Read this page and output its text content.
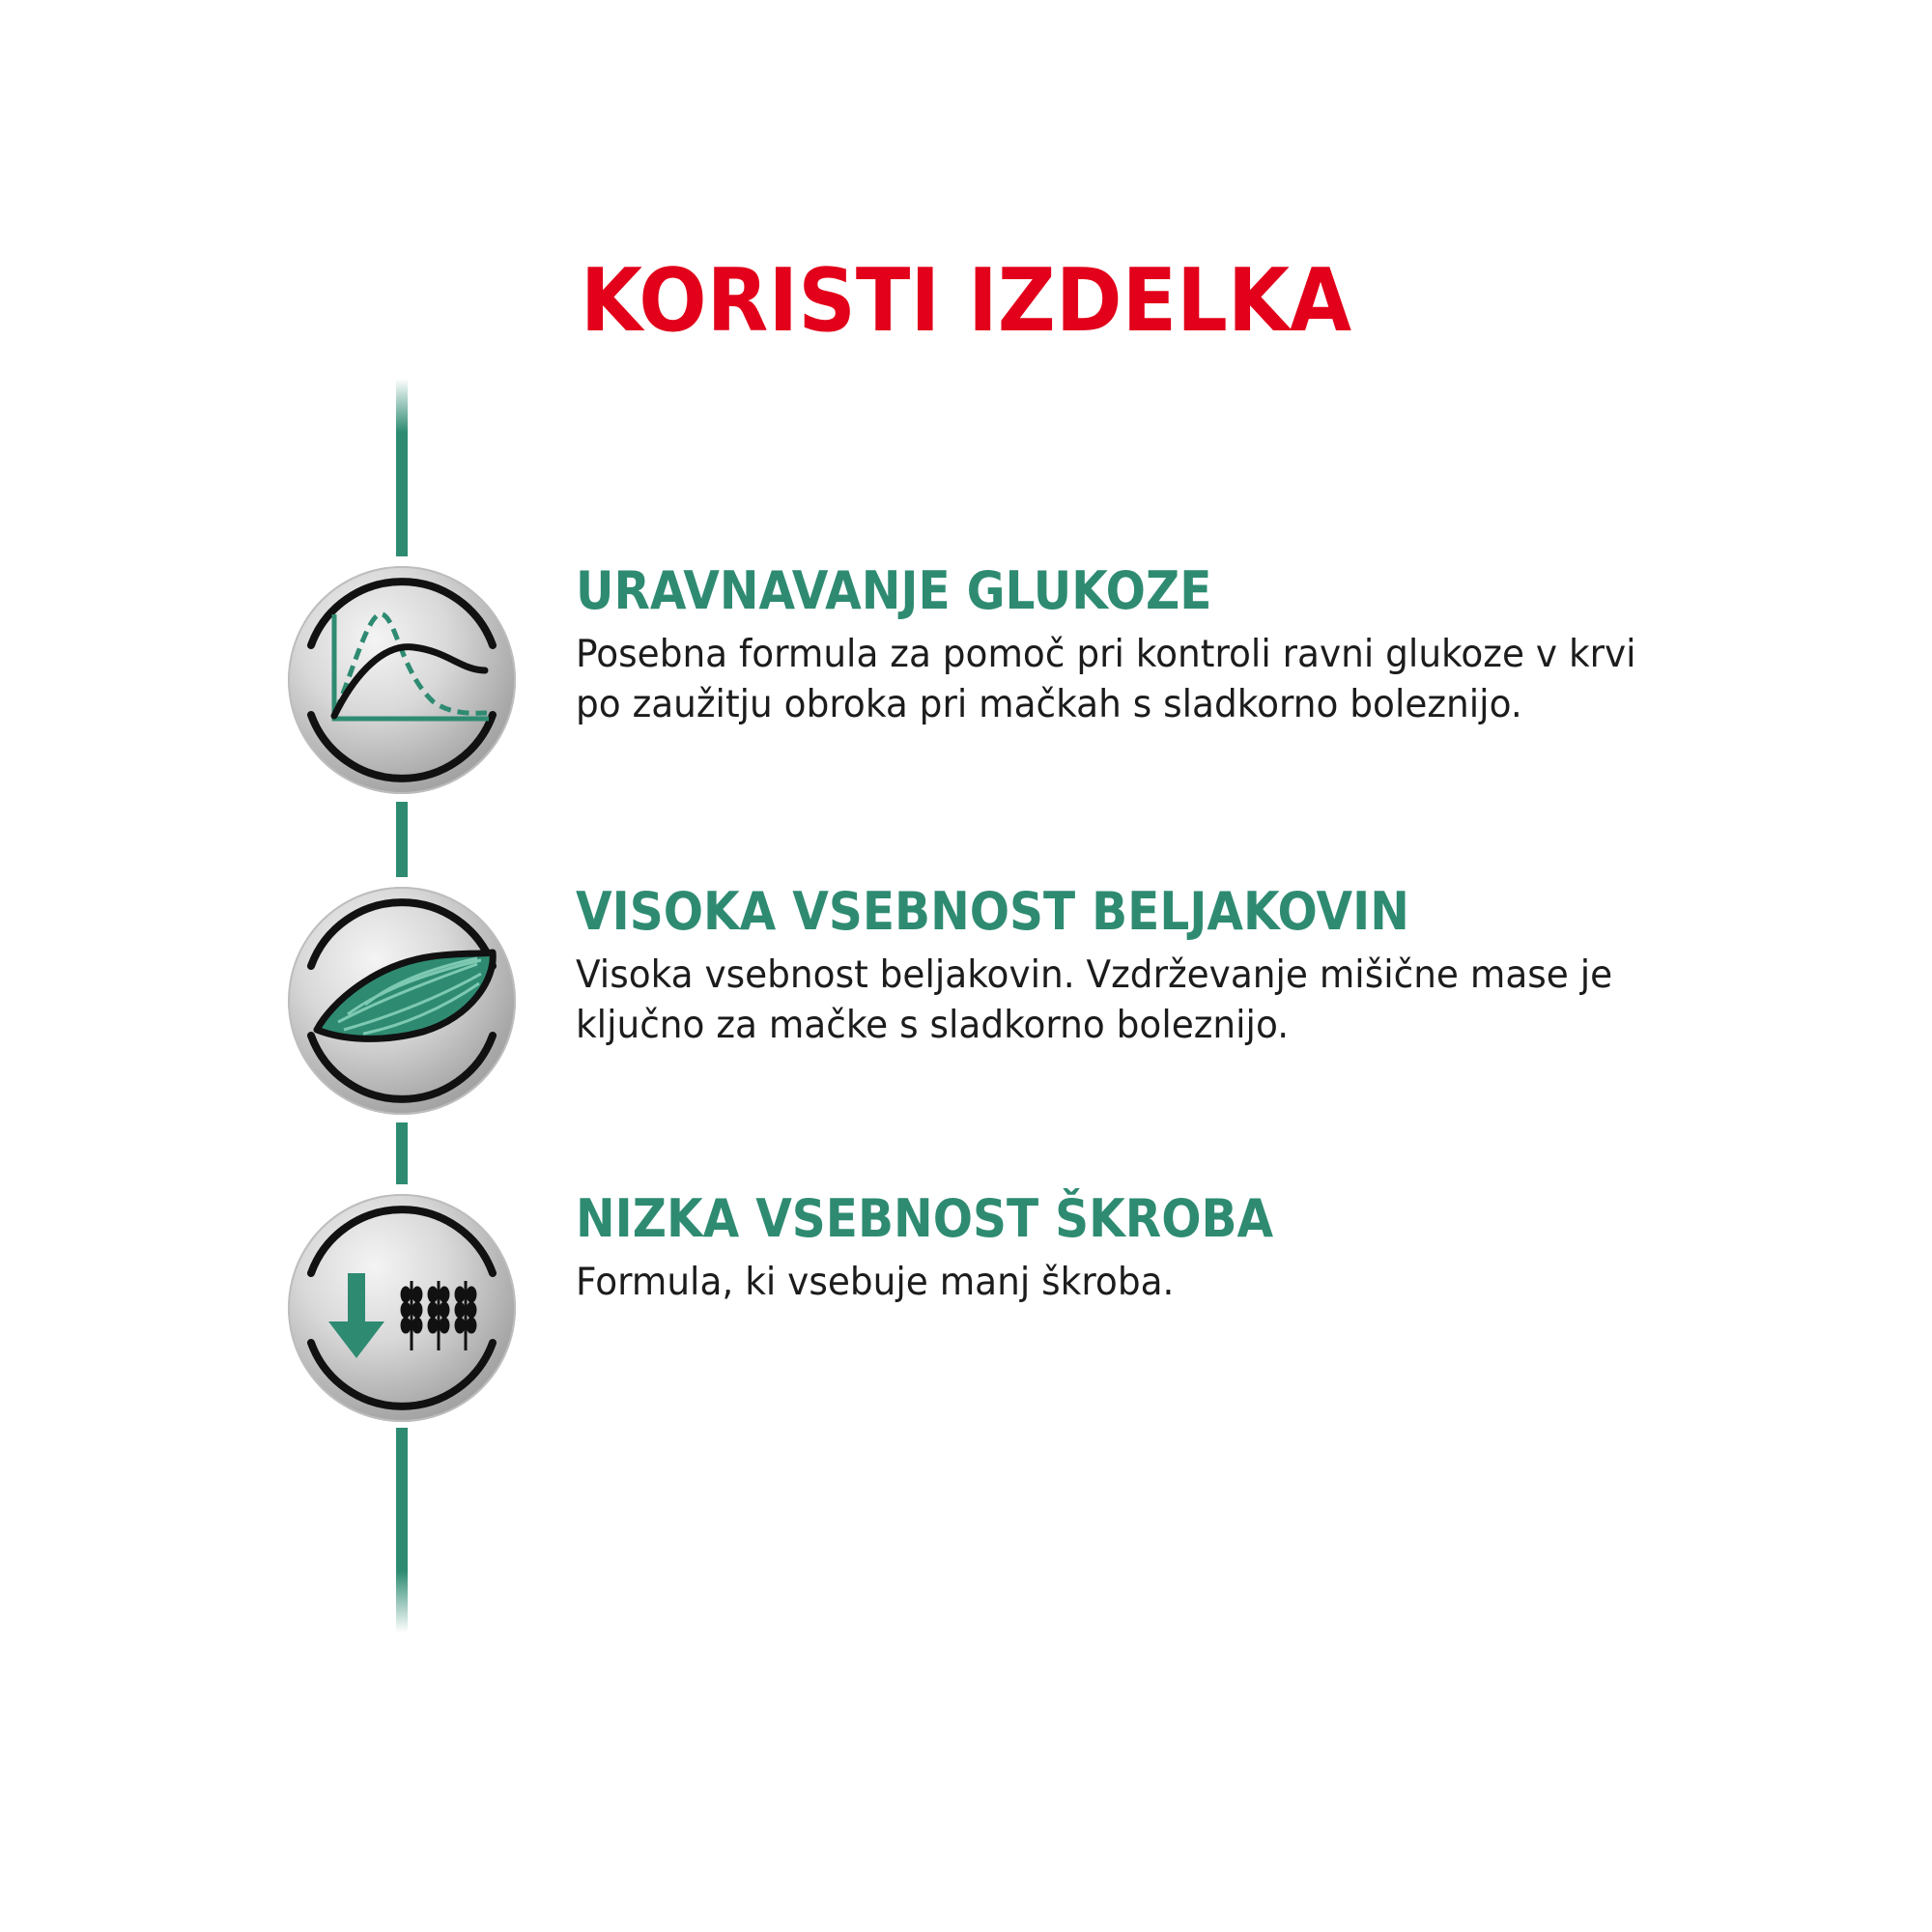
KORISTI IZDELKA
URAVNAVANJE GLUKOZE

Posebna formula za pomoč pri kontroli ravni glukoze v krvi po zaužitju obroka pri mačkah s sladkorno boleznijo.

VISOKA VSEBNOST BELJAKOVIN

Visoka vsebnost beljakovin. Vzdrževanje mišične mase je ključno za mačke s sladkorno boleznijo.

NIZKA VSEBNOST ŠKROBA

Formula, ki vsebuje manj škroba.
